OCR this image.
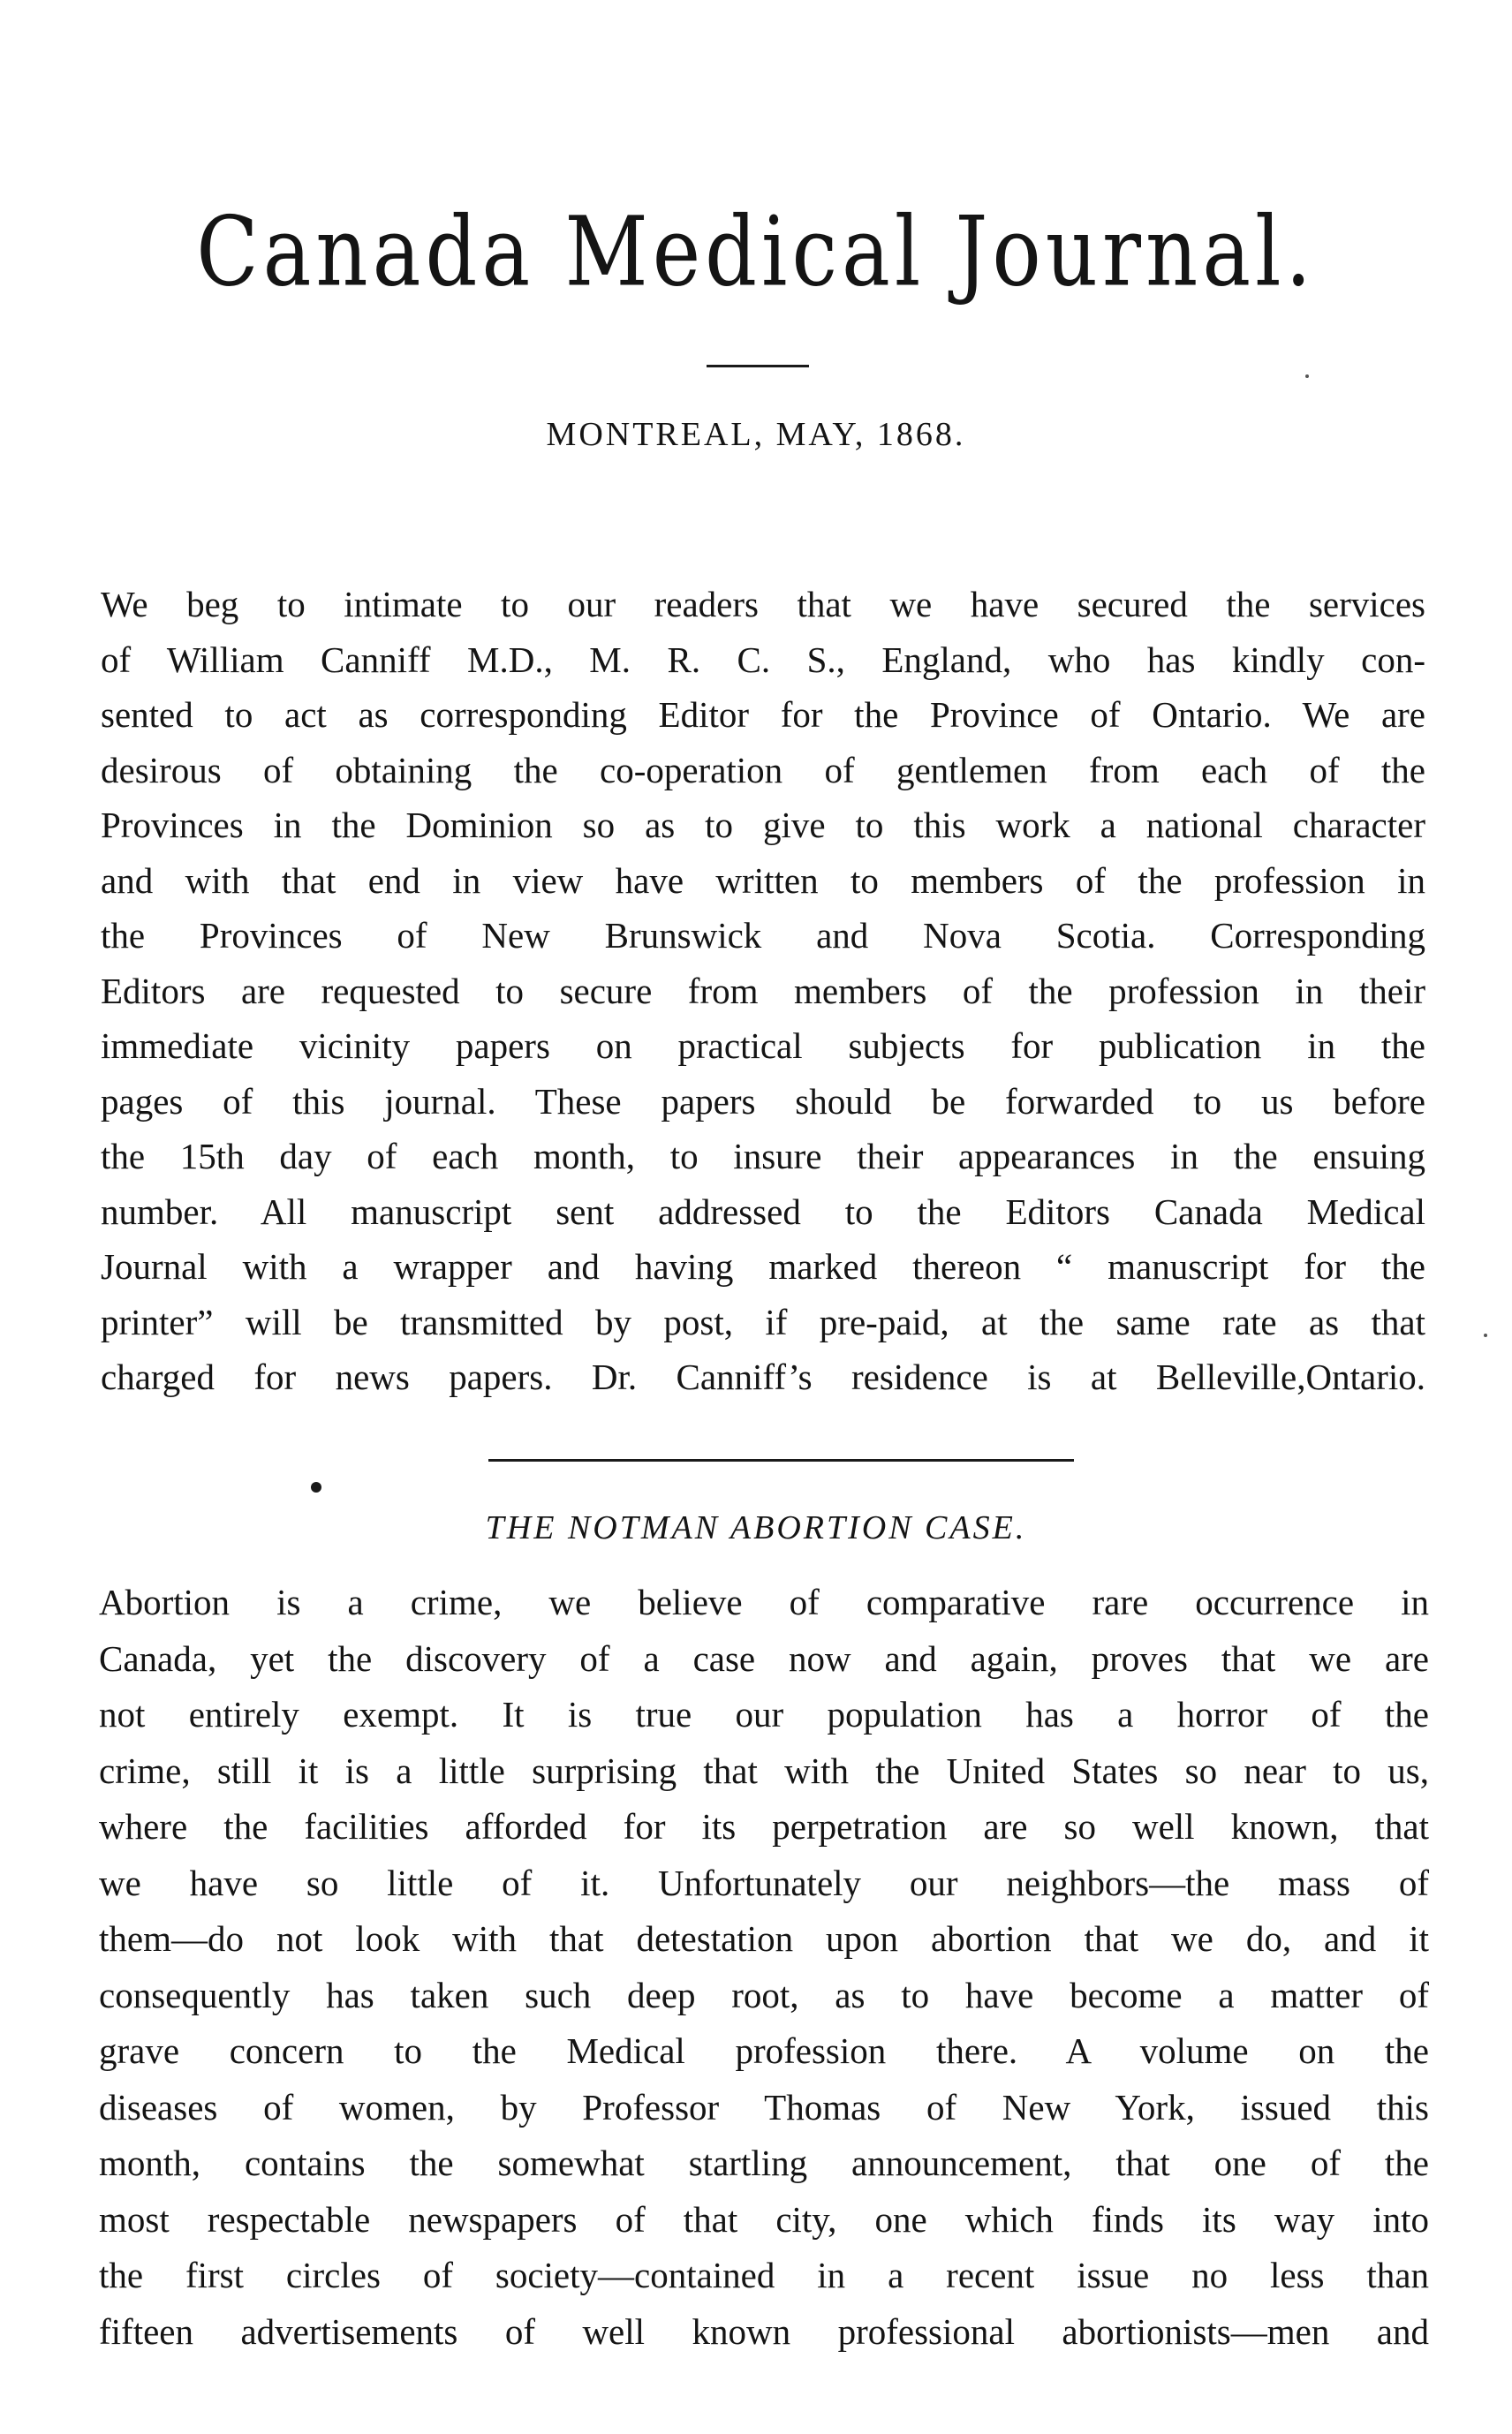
Canada Medical Journal.
MONTREAL, MAY, 1868.
We beg to intimate to our readers that we have secured the services
of William Canniff M.D., M. R. C. S., England, who has kindly con-
sented to act as corresponding Editor for the Province of Ontario. We are
desirous of obtaining the co-operation of gentlemen from each of the
Provinces in the Dominion so as to give to this work a national character
and with that end in view have written to members of the profession in
the Provinces of New Brunswick and Nova Scotia. Corresponding
Editors are requested to secure from members of the profession in their
immediate vicinity papers on practical subjects for publication in the
pages of this journal. These papers should be forwarded to us before
the 15th day of each month, to insure their appearances in the ensuing
number. All manuscript sent addressed to the Editors Canada Medical
Journal with a wrapper and having marked thereon “ manuscript for the
printer” will be transmitted by post, if pre-paid, at the same rate as that
charged for news papers. Dr. Canniff’s residence is at Belleville,Ontario.
THE NOTMAN ABORTION CASE.
Abortion is a crime, we believe of comparative rare occurrence in
Canada, yet the discovery of a case now and again, proves that we are
not entirely exempt. It is true our population has a horror of the
crime, still it is a little surprising that with the United States so near to us,
where the facilities afforded for its perpetration are so well known, that
we have so little of it. Unfortunately our neighbors—the mass of
them—do not look with that detestation upon abortion that we do, and it
consequently has taken such deep root, as to have become a matter of
grave concern to the Medical profession there. A volume on the
diseases of women, by Professor Thomas of New York, issued this
month, contains the somewhat startling announcement, that one of the
most respectable newspapers of that city, one which finds its way into
the first circles of society—contained in a recent issue no less than
fifteen advertisements of well known professional abortionists—men and
